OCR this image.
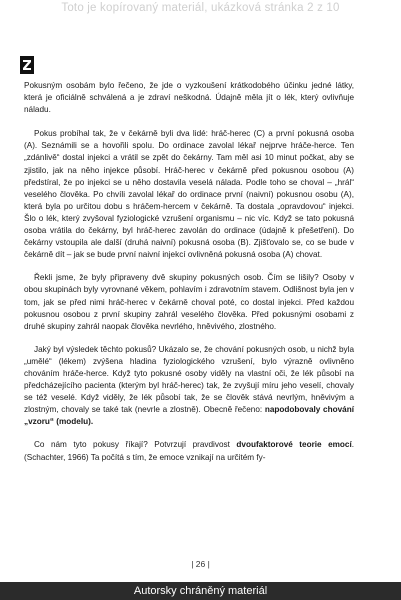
Toto je kopírovaný materiál, ukázková stránka 2 z 10

Pokusným osobám bylo řečeno, že jde o vyzkoušení krátkodobého účinku jedné látky, která je oficiálně schválená a je zdraví neškodná. Údajně měla jít o lék, který ovlivňuje náladu.

Pokus probíhal tak, že v čekárně byli dva lidé: hráč-herec (C) a první pokusná osoba (A). Seznámili se a hovořili spolu. Do ordinace zavolal lékař nejprve hráče-herce. Ten „zdánlivě“ dostal injekci a vrátil se zpět do čekárny. Tam měl asi 10 minut počkat, aby se zjistilo, jak na něho injekce působí. Hráč-herec v čekárně před pokusnou osobou (A) předstíral, že po injekci se u něho dostavila veselá nálada. Podle toho se choval – „hrál“ veselého člověka. Po chvíli zavolal lékař do ordinace první (naivní) pokusnou osobu (A), která byla po určitou dobu s hráčem-hercem v čekárně. Ta dostala „opravdovou“ injekci. Šlo o lék, který zvyšoval fyziologické vzrušení organismu – nic víc. Když se tato pokusná osoba vrátila do čekárny, byl hráč-herec zavolán do ordinace (údajně k přešetření). Do čekárny vstoupila ale další (druhá naivní) pokusná osoba (B). Zjišťovalo se, co se bude v čekárně dít – jak se bude první naivní injekcí ovlivněná pokusná osoba (A) chovat.

Řekli jsme, že byly připraveny dvě skupiny pokusných osob. Čím se lišily? Osoby v obou skupinách byly vyrovnané věkem, pohlavím i zdravotním stavem. Odlišnost byla jen v tom, jak se před nimi hráč-herec v čekárně choval poté, co dostal injekci. Před každou pokusnou osobou z první skupiny zahrál veselého člověka. Před pokusnými osobami z druhé skupiny zahrál naopak člověka nevrlého, hněvivého, zlostného.

Jaký byl výsledek těchto pokusů? Ukázalo se, že chování pokusných osob, u nichž byla „umělé“ (lékem) zvýšena hladina fyziologického vzrušení, bylo výrazně ovlivněno chováním hráče-herce. Když tyto pokusné osoby viděly na vlastní oči, že lék působí na předcházejícího pacienta (kterým byl hráč-herec) tak, že zvyšují míru jeho veselí, chovaly se též veselé. Když viděly, že lék působí tak, že se člověk stává nevrlým, hněvivým a zlostným, chovaly se také tak (nevrle a zlostně). Obecně řečeno: napodobovaly chování „vzoru“ (modelu).

Co nám tyto pokusy říkají? Potvrzují pravdivost dvoufaktorové teorie emocí. (Schachter, 1966) Ta počítá s tím, že emoce vznikají na určitém fy-

| 26 |
Autorsky chráněný materiál
